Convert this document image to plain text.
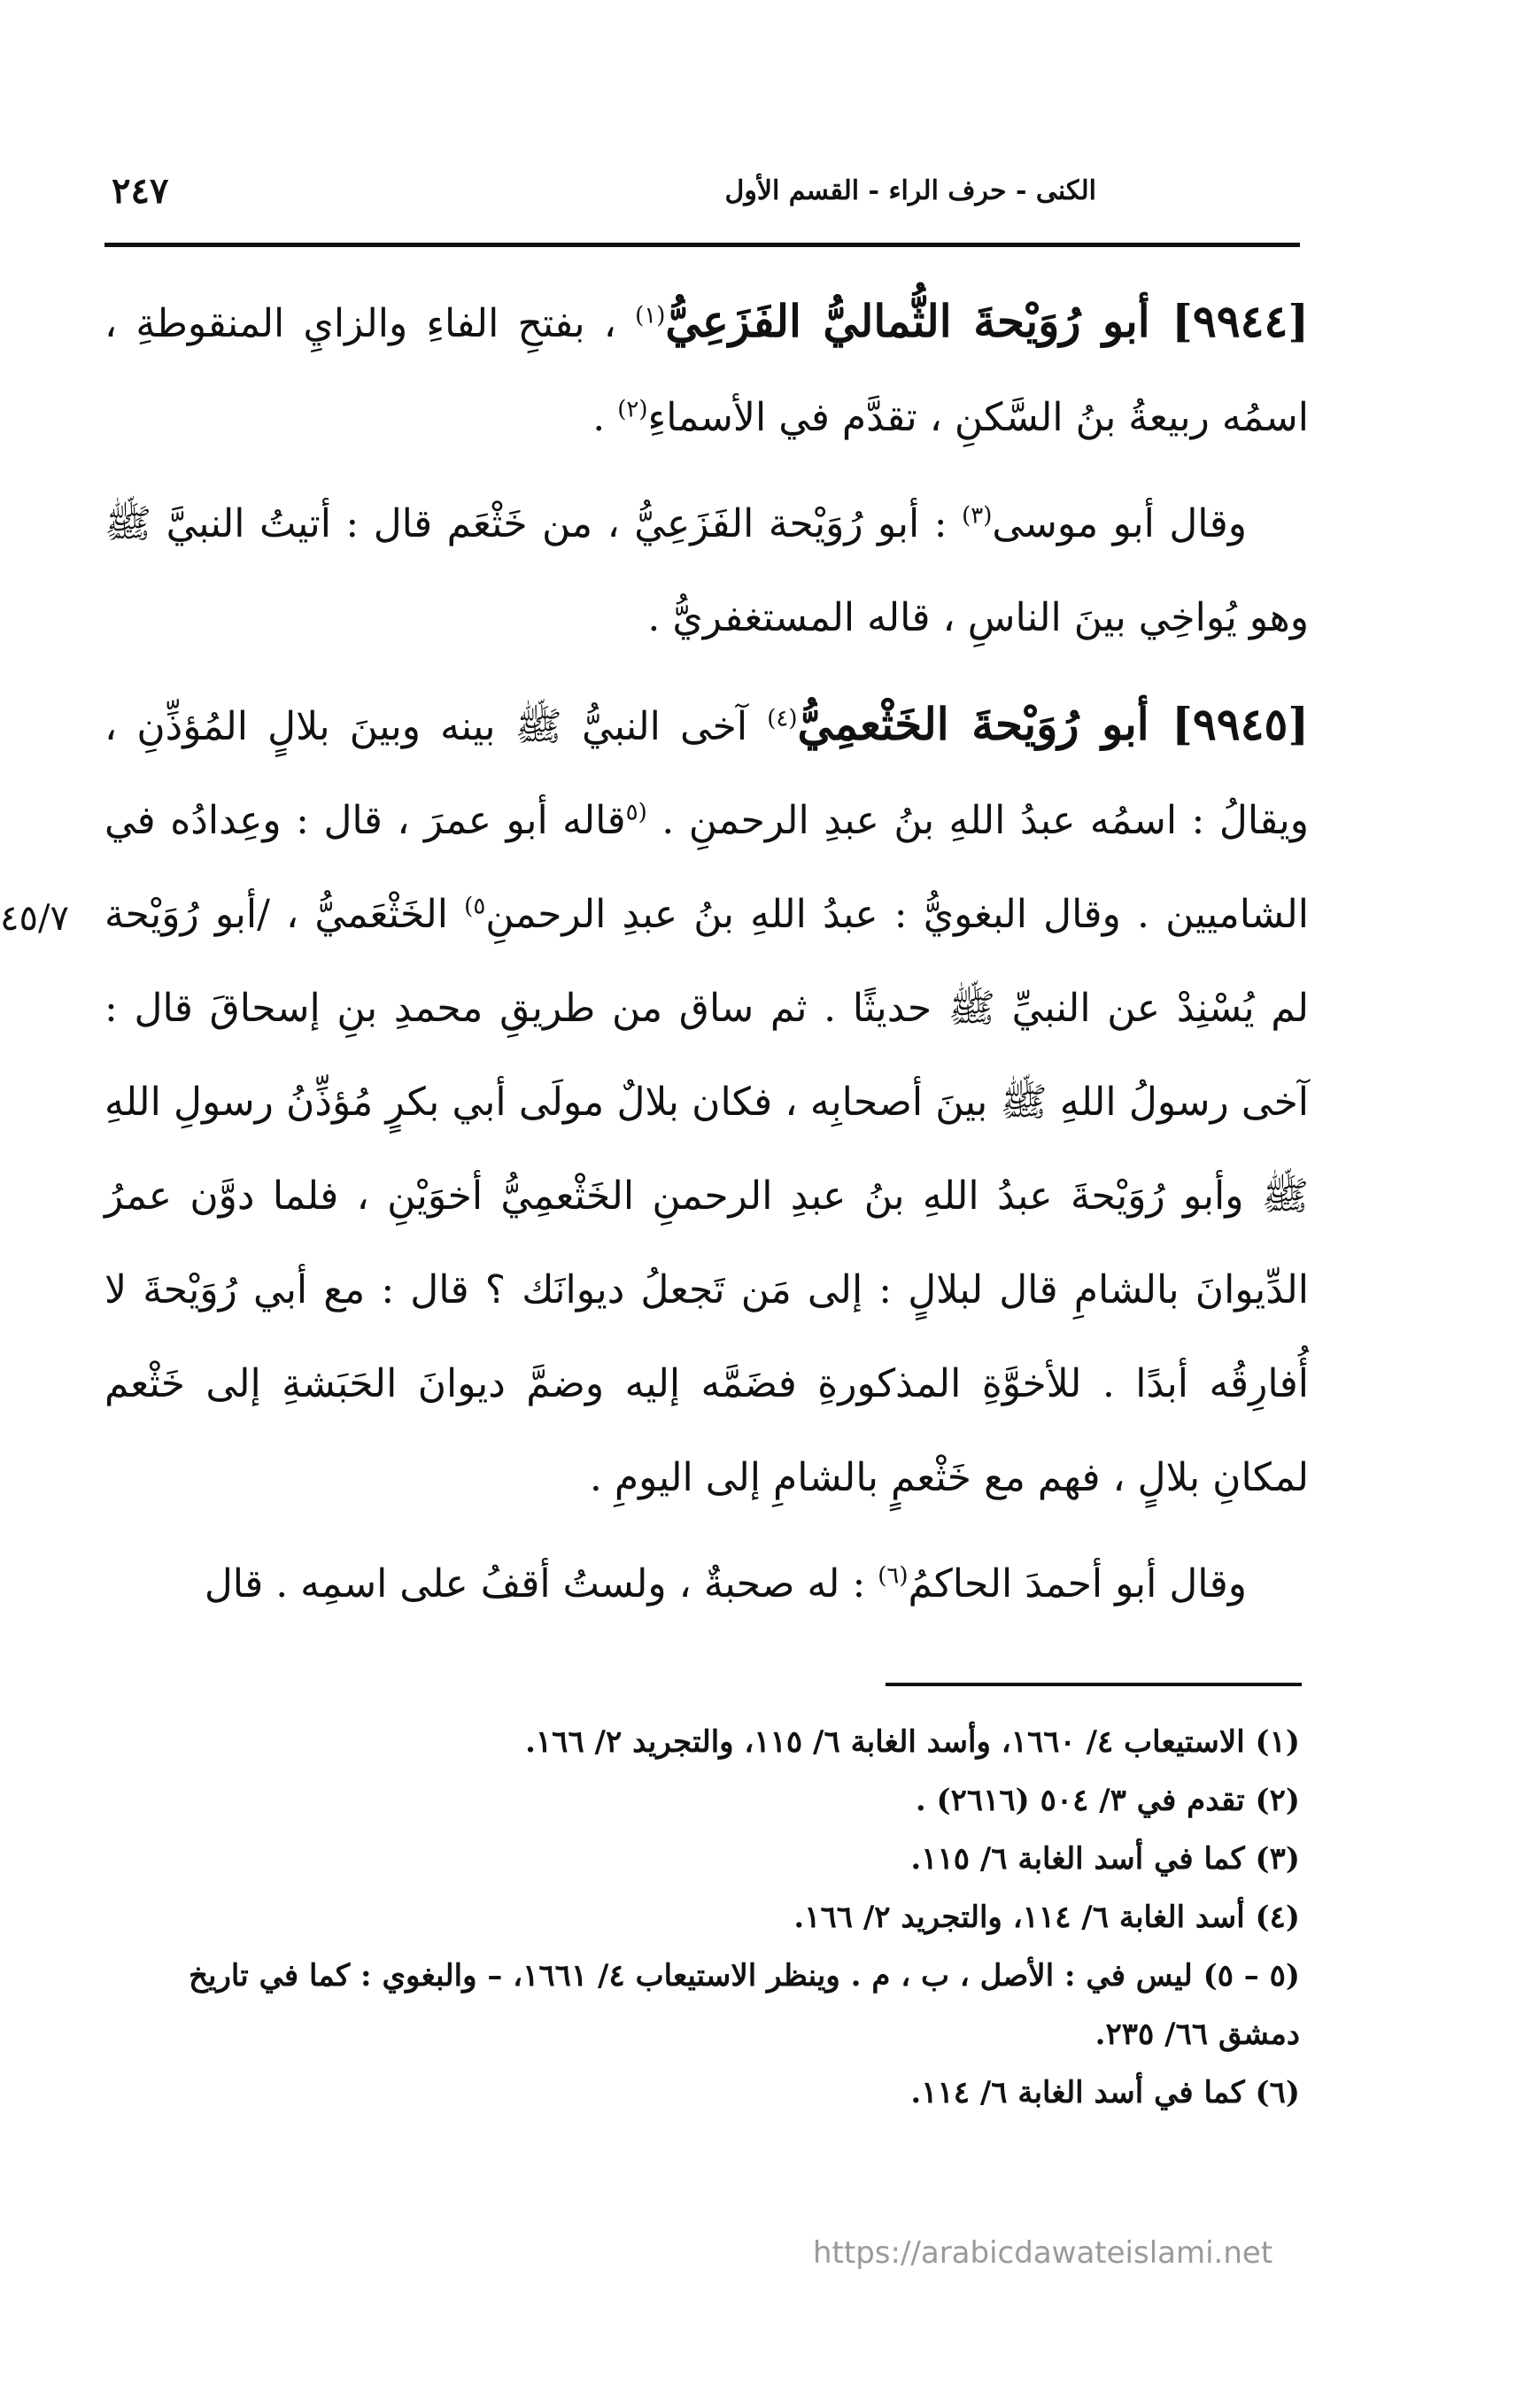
الكنى - حرف الراء - القسم الأول
٢٤٧

[٩٩٤٤] أبو رُوَيْحةَ الثُّماليُّ الفَزَعِيُّ$^{(١)}$ ، بفتحِ الفاءِ والزايِ المنقوطةِ ، اسمُه ربيعةُ بنُ السَّكنِ ، تقدَّم في الأسماءِ$^{(٢)}$ .

وقال أبو موسى$^{(٣)}$ : أبو رُوَيْحة الفَزَعِيُّ ، من خَثْعَم قال : أتيتُ النبيَّ ﷺ وهو يُواخِي بينَ الناسِ ، قاله المستغفريُّ .

[٩٩٤٥] أبو رُوَيْحةَ الخَثْعمِيُّ$^{(٤)}$ آخى النبيُّ ﷺ بينه وبينَ بلالٍ المُؤذِّنِ ، ويقالُ : اسمُه عبدُ اللهِ بنُ عبدِ الرحمنِ . $^{(٥}$قاله أبو عمرَ ، قال : وعِدادُه في الشاميين . وقال البغويُّ : عبدُ اللهِ بنُ عبدِ الرحمنِ$^{٥)}$ الخَثْعَميُّ ، /أبو رُوَيْحة لم يُسْنِدْ عن النبيِّ ﷺ حديثًا . ثم ساق من طريقِ محمدِ بنِ إسحاقَ قال : آخى رسولُ اللهِ ﷺ بينَ أصحابِه ، فكان بلالٌ مولَى أبي بكرٍ مُؤذِّنُ رسولِ اللهِ ﷺ وأبو رُوَيْحةَ عبدُ اللهِ بنُ عبدِ الرحمنِ الخَثْعمِيُّ أخوَيْنِ ، فلما دوَّن عمرُ الدِّيوانَ بالشامِ قال لبلالٍ : إلى مَن تَجعلُ ديوانَك ؟ قال : مع أبي رُوَيْحةَ لا أُفارِقُه أبدًا . للأخوَّةِ المذكورةِ فضَمَّه إليه وضمَّ ديوانَ الحَبَشةِ إلى خَثْعم لمكانِ بلالٍ ، فهم مع خَثْعمٍ بالشامِ إلى اليومِ .

وقال أبو أحمدَ الحاكمُ$^{(٦)}$ : له صحبةٌ ، ولستُ أقفُ على اسمِه . قال

٤٥/٧

(١) الاستيعاب ٤/ ١٦٦٠، وأسد الغابة ٦/ ١١٥، والتجريد ٢/ ١٦٦.

(٢) تقدم في ٣/ ٥٠٤ (٢٦١٦) .

(٣) كما في أسد الغابة ٦/ ١١٥.

(٤) أسد الغابة ٦/ ١١٤، والتجريد ٢/ ١٦٦.

(٥ – ٥) ليس في : الأصل ، ب ، م . وينظر الاستيعاب ٤/ ١٦٦١، – والبغوي : كما في تاريخ دمشق ٦٦/ ٢٣٥.

(٦) كما في أسد الغابة ٦/ ١١٤.

https://arabicdawateislami.net
